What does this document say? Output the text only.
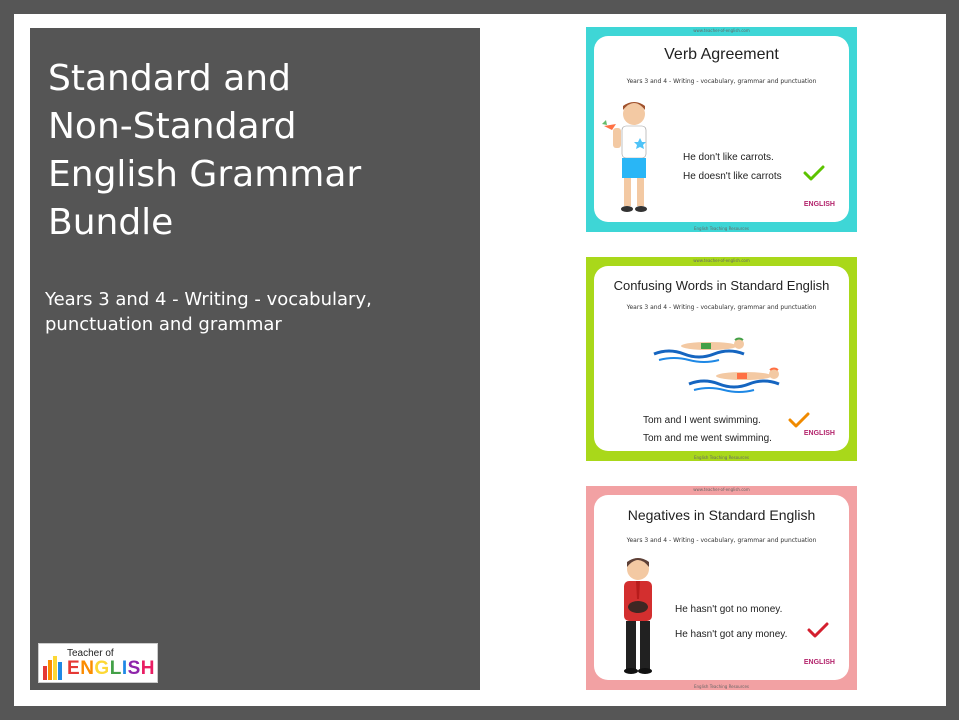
Standard and
Non-Standard
English Grammar
Bundle
Years 3 and 4 - Writing - vocabulary, punctuation and grammar
Teacher of
ENGLISH
www.teacher-of-english.com
Verb Agreement
Years 3 and 4 - Writing - vocabulary, grammar and punctuation
He don't like carrots.
He doesn't like carrots
ENGLISH
English Teaching Resources
www.teacher-of-english.com
Confusing Words in Standard English
Years 3 and 4 - Writing - vocabulary, grammar and punctuation
Tom and I went swimming.
Tom and me went swimming.	ENGLISH
English Teaching Resources
www.teacher-of-english.com
Negatives in Standard English
Years 3 and 4 - Writing - vocabulary, grammar and punctuation
He hasn't got no money.
He hasn't got any money.
ENGLISH
English Teaching Resources
